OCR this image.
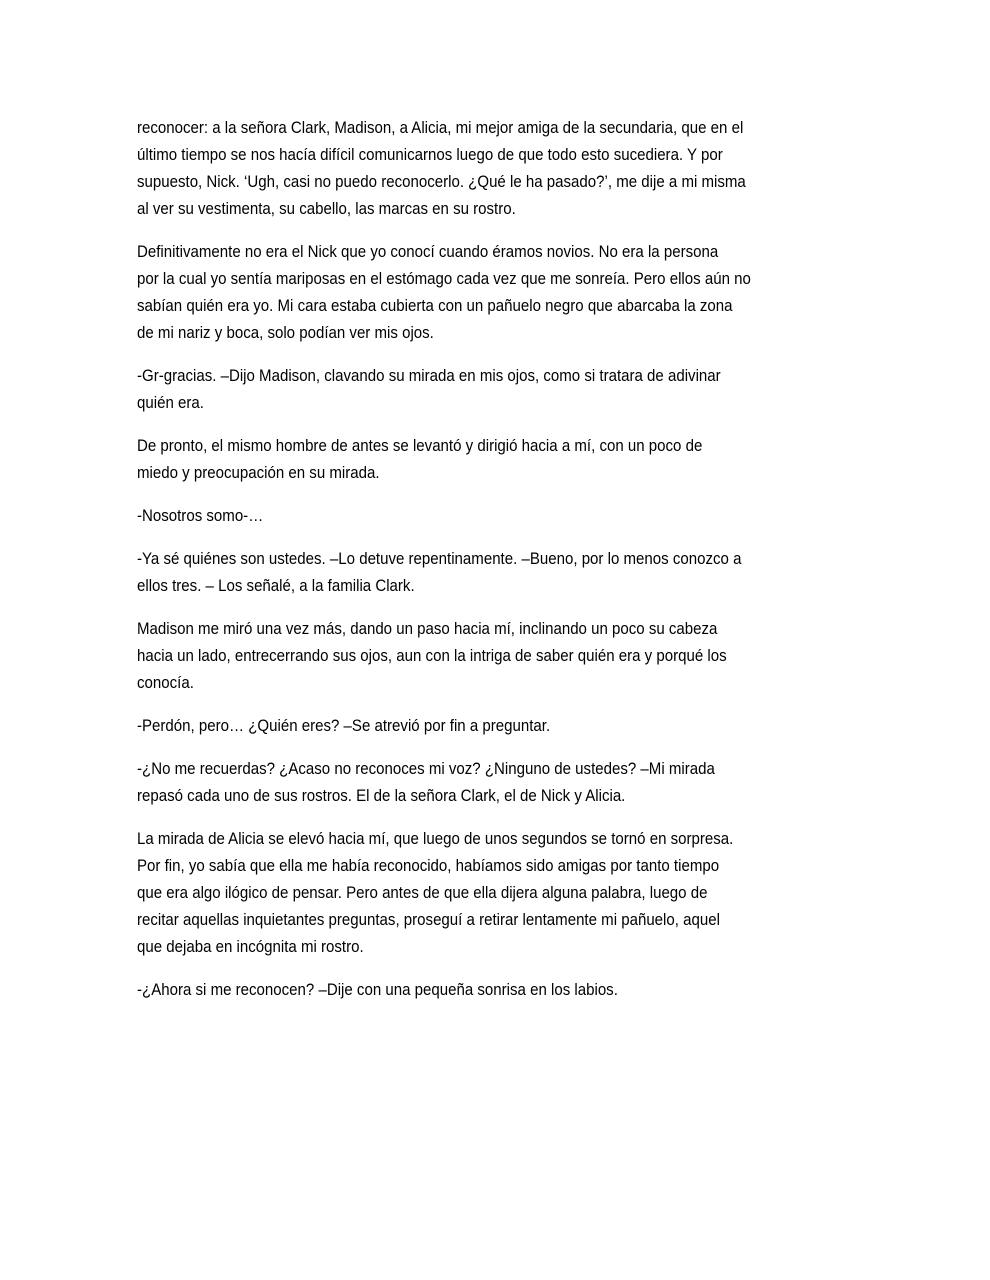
reconocer: a la señora Clark, Madison, a Alicia, mi mejor amiga de la secundaria, que en el
último tiempo se nos hacía difícil comunicarnos luego de que todo esto sucediera. Y por
supuesto, Nick. ‘Ugh, casi no puedo reconocerlo. ¿Qué le ha pasado?’, me dije a mi misma
al ver su vestimenta, su cabello, las marcas en su rostro.
Definitivamente no era el Nick que yo conocí cuando éramos novios. No era la persona
por la cual yo sentía mariposas en el estómago cada vez que me sonreía. Pero ellos aún no
sabían quién era yo. Mi cara estaba cubierta con un pañuelo negro que abarcaba la zona
de mi nariz y boca, solo podían ver mis ojos.
-Gr-gracias. –Dijo Madison, clavando su mirada en mis ojos, como si tratara de adivinar
quién era.
De pronto, el mismo hombre de antes se levantó y dirigió hacia a mí, con un poco de
miedo y preocupación en su mirada.
-Nosotros somo-…
-Ya sé quiénes son ustedes. –Lo detuve repentinamente. –Bueno, por lo menos conozco a
ellos tres. – Los señalé, a la familia Clark.
Madison me miró una vez más, dando un paso hacia mí, inclinando un poco su cabeza
hacia un lado, entrecerrando sus ojos, aun con la intriga de saber quién era y porqué los
conocía.
-Perdón, pero… ¿Quién eres? –Se atrevió por fin a preguntar.
-¿No me recuerdas? ¿Acaso no reconoces mi voz? ¿Ninguno de ustedes? –Mi mirada
repasó cada uno de sus rostros. El de la señora Clark, el de Nick y Alicia.
La mirada de Alicia se elevó hacia mí, que luego de unos segundos se tornó en sorpresa.
Por fin, yo sabía que ella me había reconocido, habíamos sido amigas por tanto tiempo
que era algo ilógico de pensar. Pero antes de que ella dijera alguna palabra, luego de
recitar aquellas inquietantes preguntas, proseguí a retirar lentamente mi pañuelo, aquel
que dejaba en incógnita mi rostro.
-¿Ahora si me reconocen? –Dije con una pequeña sonrisa en los labios.
